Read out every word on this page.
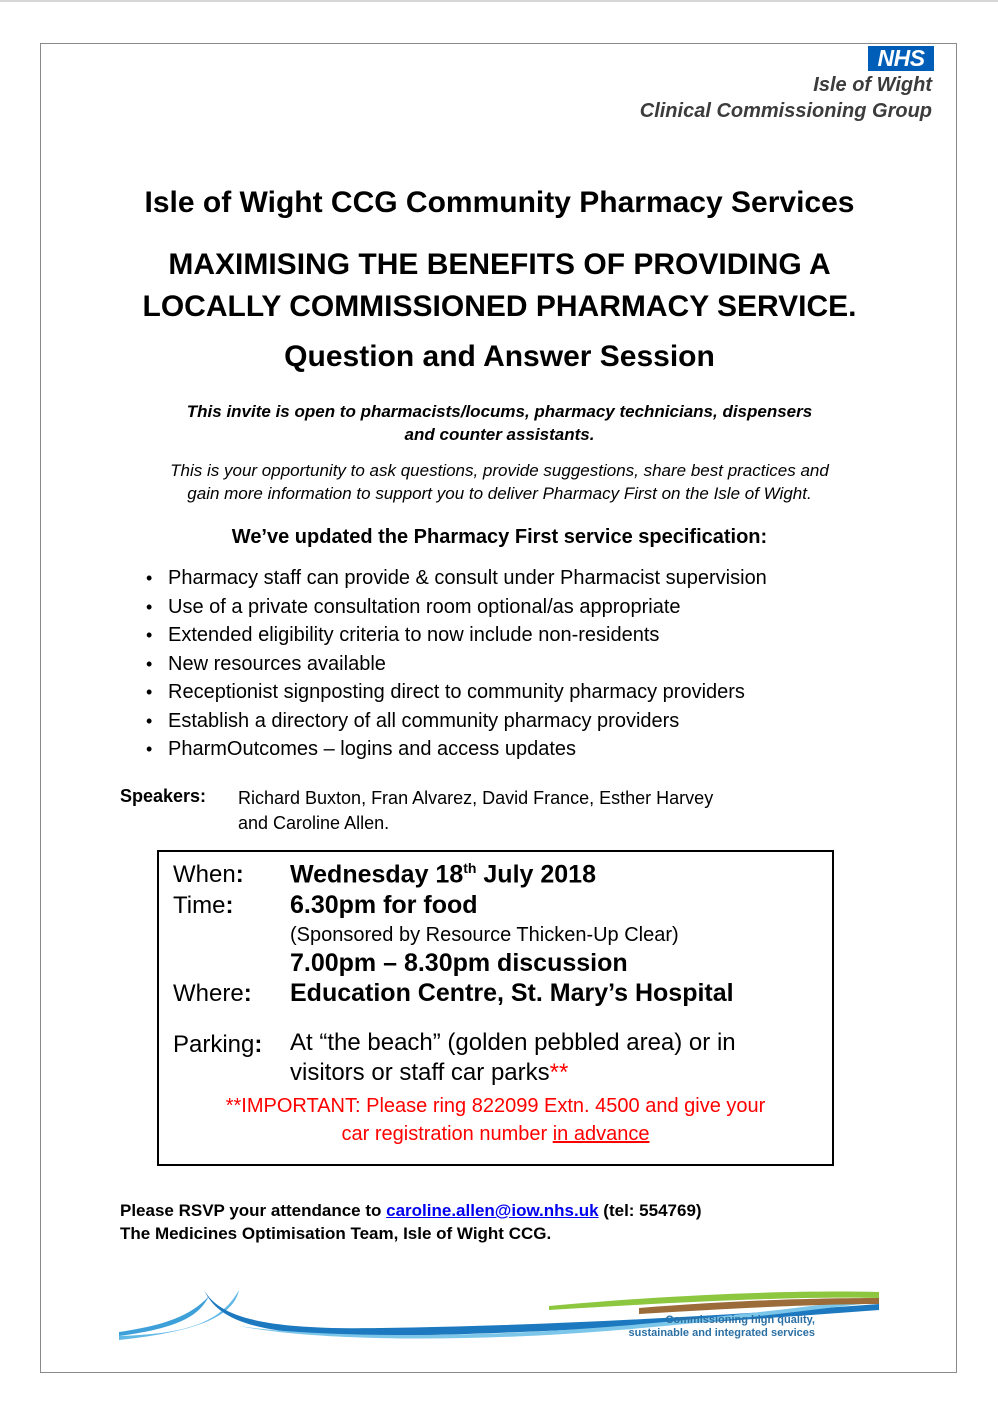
NHS
Isle of Wight
Clinical Commissioning Group
Isle of Wight CCG Community Pharmacy Services
MAXIMISING THE BENEFITS OF PROVIDING A
LOCALLY COMMISSIONED PHARMACY SERVICE.
Question and Answer Session
This invite is open to pharmacists/locums, pharmacy technicians, dispensers
and counter assistants.
This is your opportunity to ask questions, provide suggestions, share best practices and
gain more information to support you to deliver Pharmacy First on the Isle of Wight.
We’ve updated the Pharmacy First service specification:
• Pharmacy staff can provide & consult under Pharmacist supervision
• Use of a private consultation room optional/as appropriate
• Extended eligibility criteria to now include non-residents
• New resources available
• Receptionist signposting direct to community pharmacy providers
• Establish a directory of all community pharmacy providers
• PharmOutcomes – logins and access updates
Speakers: Richard Buxton, Fran Alvarez, David France, Esther Harvey
and Caroline Allen.
When: Wednesday 18th July 2018
Time: 6.30pm for food
(Sponsored by Resource Thicken-Up Clear)
7.00pm – 8.30pm discussion
Where: Education Centre, St. Mary’s Hospital
Parking: At “the beach” (golden pebbled area) or in
visitors or staff car parks**
**IMPORTANT: Please ring 822099 Extn. 4500 and give your
car registration number in advance
Please RSVP your attendance to caroline.allen@iow.nhs.uk (tel: 554769)
The Medicines Optimisation Team, Isle of Wight CCG.
Commissioning high quality,
sustainable and integrated services
